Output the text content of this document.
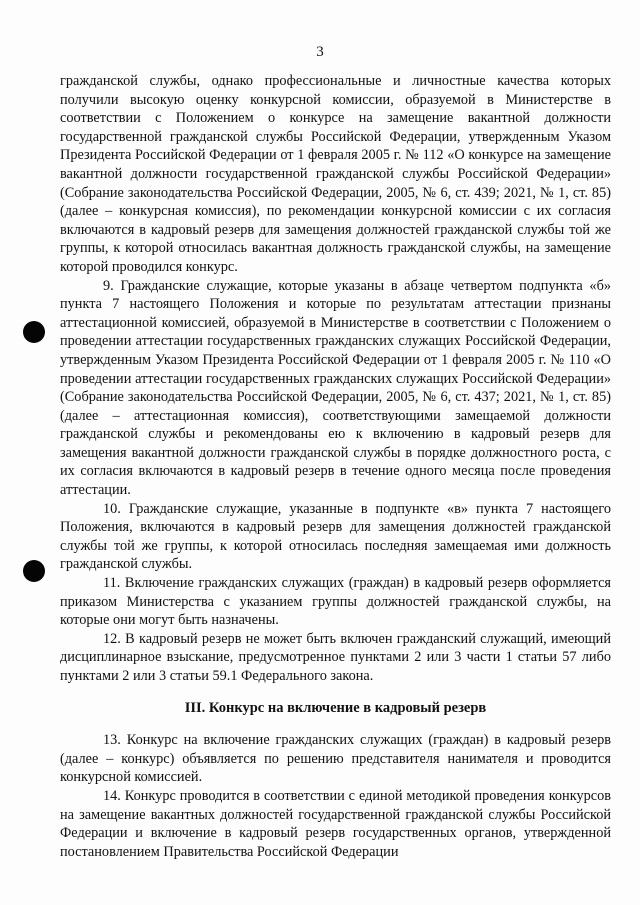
3

гражданской службы, однако профессиональные и личностные качества которых получили высокую оценку конкурсной комиссии, образуемой в Министерстве в соответствии с Положением о конкурсе на замещение вакантной должности государственной гражданской службы Российской Федерации, утвержденным Указом Президента Российской Федерации от 1 февраля 2005 г. № 112 «О конкурсе на замещение вакантной должности государственной гражданской службы Российской Федерации» (Собрание законодательства Российской Федерации, 2005, № 6, ст. 439; 2021, № 1, ст. 85) (далее – конкурсная комиссия), по рекомендации конкурсной комиссии с их согласия включаются в кадровый резерв для замещения должностей гражданской службы той же группы, к которой относилась вакантная должность гражданской службы, на замещение которой проводился конкурс.

9. Гражданские служащие, которые указаны в абзаце четвертом подпункта «б» пункта 7 настоящего Положения и которые по результатам аттестации признаны аттестационной комиссией, образуемой в Министерстве в соответствии с Положением о проведении аттестации государственных гражданских служащих Российской Федерации, утвержденным Указом Президента Российской Федерации от 1 февраля 2005 г. № 110 «О проведении аттестации государственных гражданских служащих Российской Федерации» (Собрание законодательства Российской Федерации, 2005, № 6, ст. 437; 2021, № 1, ст. 85) (далее – аттестационная комиссия), соответствующими замещаемой должности гражданской службы и рекомендованы ею к включению в кадровый резерв для замещения вакантной должности гражданской службы в порядке должностного роста, с их согласия включаются в кадровый резерв в течение одного месяца после проведения аттестации.

10. Гражданские служащие, указанные в подпункте «в» пункта 7 настоящего Положения, включаются в кадровый резерв для замещения должностей гражданской службы той же группы, к которой относилась последняя замещаемая ими должность гражданской службы.

11. Включение гражданских служащих (граждан) в кадровый резерв оформляется приказом Министерства с указанием группы должностей гражданской службы, на которые они могут быть назначены.

12. В кадровый резерв не может быть включен гражданский служащий, имеющий дисциплинарное взыскание, предусмотренное пунктами 2 или 3 части 1 статьи 57 либо пунктами 2 или 3 статьи 59.1 Федерального закона.

III. Конкурс на включение в кадровый резерв

13. Конкурс на включение гражданских служащих (граждан) в кадровый резерв (далее – конкурс) объявляется по решению представителя нанимателя и проводится конкурсной комиссией.

14. Конкурс проводится в соответствии с единой методикой проведения конкурсов на замещение вакантных должностей государственной гражданской службы Российской Федерации и включение в кадровый резерв государственных органов, утвержденной постановлением Правительства Российской Федерации
